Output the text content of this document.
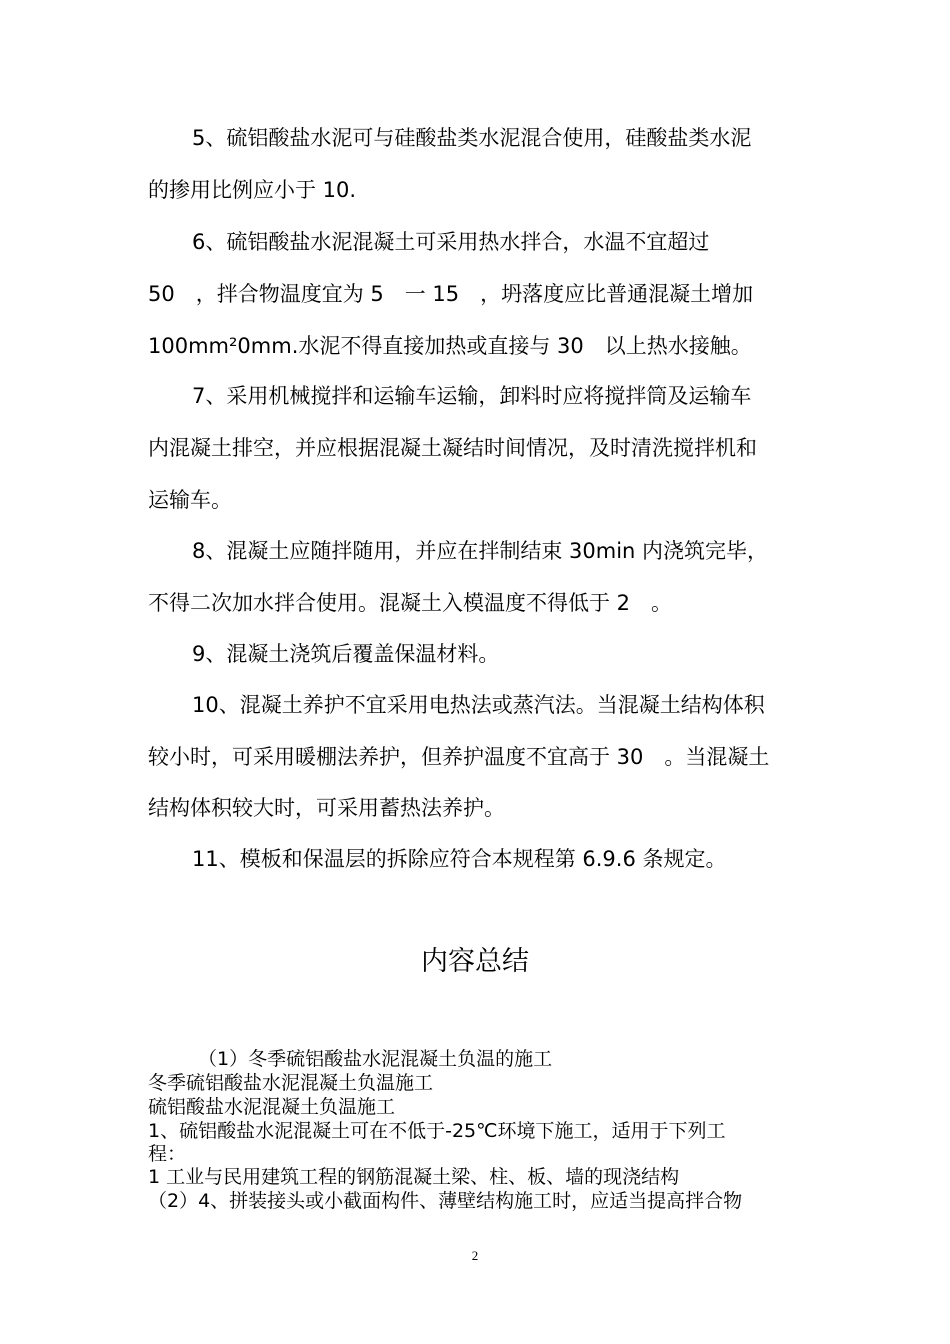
5、硫铝酸盐水泥可与硅酸盐类水泥混合使用，硅酸盐类水泥
的掺用比例应小于 10.
6、硫铝酸盐水泥混凝土可采用热水拌合，水温不宜超过
50　，拌合物温度宜为 5　一 15　，坍落度应比普通混凝土增加
100mm²0mm.水泥不得直接加热或直接与 30　以上热水接触。
7、采用机械搅拌和运输车运输，卸料时应将搅拌筒及运输车
内混凝土排空，并应根据混凝土凝结时间情况，及时清洗搅拌机和
运输车。
8、混凝土应随拌随用，并应在拌制结束 30min 内浇筑完毕，
不得二次加水拌合使用。混凝土入模温度不得低于 2　。
9、混凝土浇筑后覆盖保温材料。
10、混凝土养护不宜采用电热法或蒸汽法。当混凝土结构体积
较小时，可采用暖棚法养护，但养护温度不宜高于 30　。当混凝土
结构体积较大时，可采用蓄热法养护。
11、模板和保温层的拆除应符合本规程第 6.9.6 条规定。
内容总结
（1）冬季硫铝酸盐水泥混凝土负温的施工
冬季硫铝酸盐水泥混凝土负温施工
硫铝酸盐水泥混凝土负温施工
1、硫铝酸盐水泥混凝土可在不低于-25℃环境下施工，适用于下列工
程：
1 工业与民用建筑工程的钢筋混凝土梁、柱、板、墙的现浇结构
（2）4、拼装接头或小截面构件、薄壁结构施工时，应适当提高拌合物
2
